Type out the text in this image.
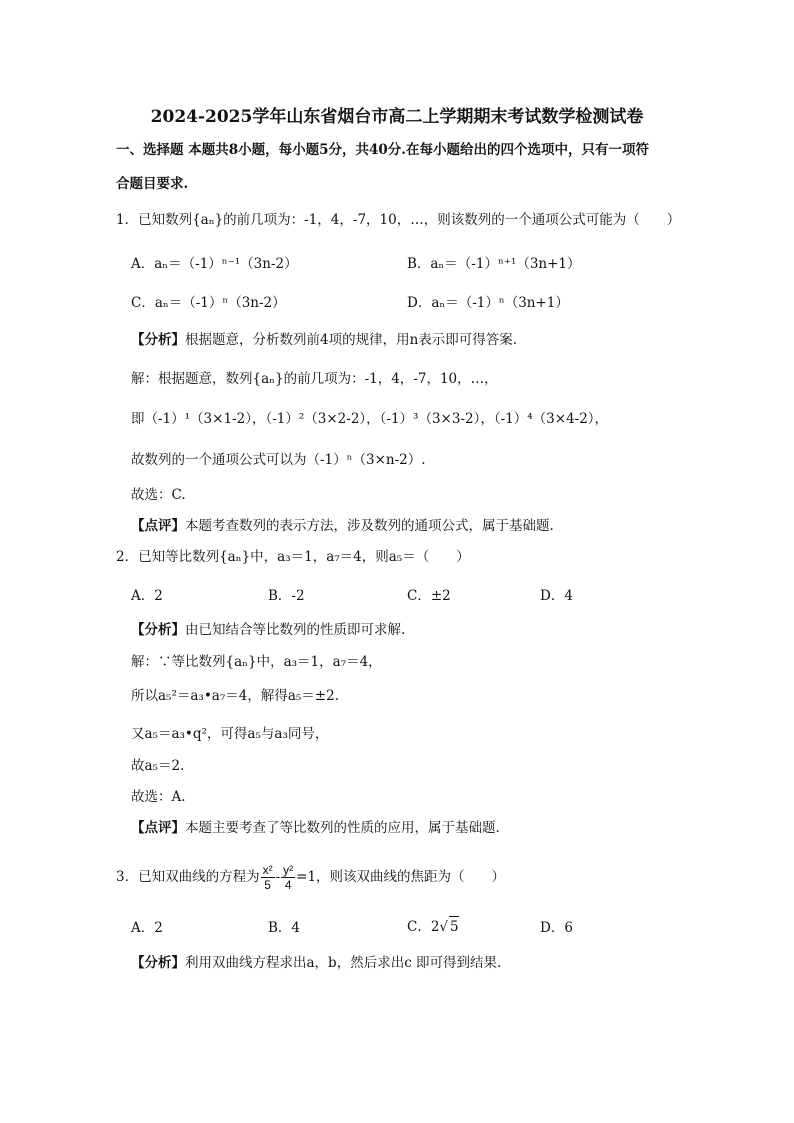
2024-2025学年山东省烟台市高二上学期期末考试数学检测试卷
一、选择题 本题共8小题，每小题5分，共40分.在每小题给出的四个选项中，只有一项符
合题目要求.
1．已知数列{aₙ}的前几项为：-1，4，-7，10，…，则该数列的一个通项公式可能为（　　）
A．aₙ＝（-1）ⁿ⁻¹（3n-2）	B．aₙ＝（-1）ⁿ⁺¹（3n+1）
C．aₙ＝（-1）ⁿ（3n-2）	D．aₙ＝（-1）ⁿ（3n+1）
【分析】根据题意，分析数列前4项的规律，用n表示即可得答案.
解：根据题意，数列{aₙ}的前几项为：-1，4，-7，10，…，
即（-1）¹（3×1-2），（-1）²（3×2-2），（-1）³（3×3-2），（-1）⁴（3×4-2），
故数列的一个通项公式可以为（-1）ⁿ（3×n-2）.
故选：C.
【点评】本题考查数列的表示方法，涉及数列的通项公式，属于基础题.
2．已知等比数列{aₙ}中，a₃＝1，a₇＝4，则a₅＝（　　）
A．2	B．-2	C．±2	D．4
【分析】由已知结合等比数列的性质即可求解.
解：∵等比数列{aₙ}中，a₃＝1，a₇＝4，
所以a₅²＝a₃•a₇＝4，解得a₅＝±2.
又a₅＝a₃•q²，可得a₅与a₃同号，
故a₅＝2.
故选：A.
【点评】本题主要考查了等比数列的性质的应用，属于基础题.
3．已知双曲线的方程为 $\frac{\text{x²}}{5} - \frac{\text{y²}}{4} =1$，则该双曲线的焦距为（　　）
A．2	B．4	C．2√ 5	D．6
【分析】利用双曲线方程求出a，b，然后求出c 即可得到结果.
